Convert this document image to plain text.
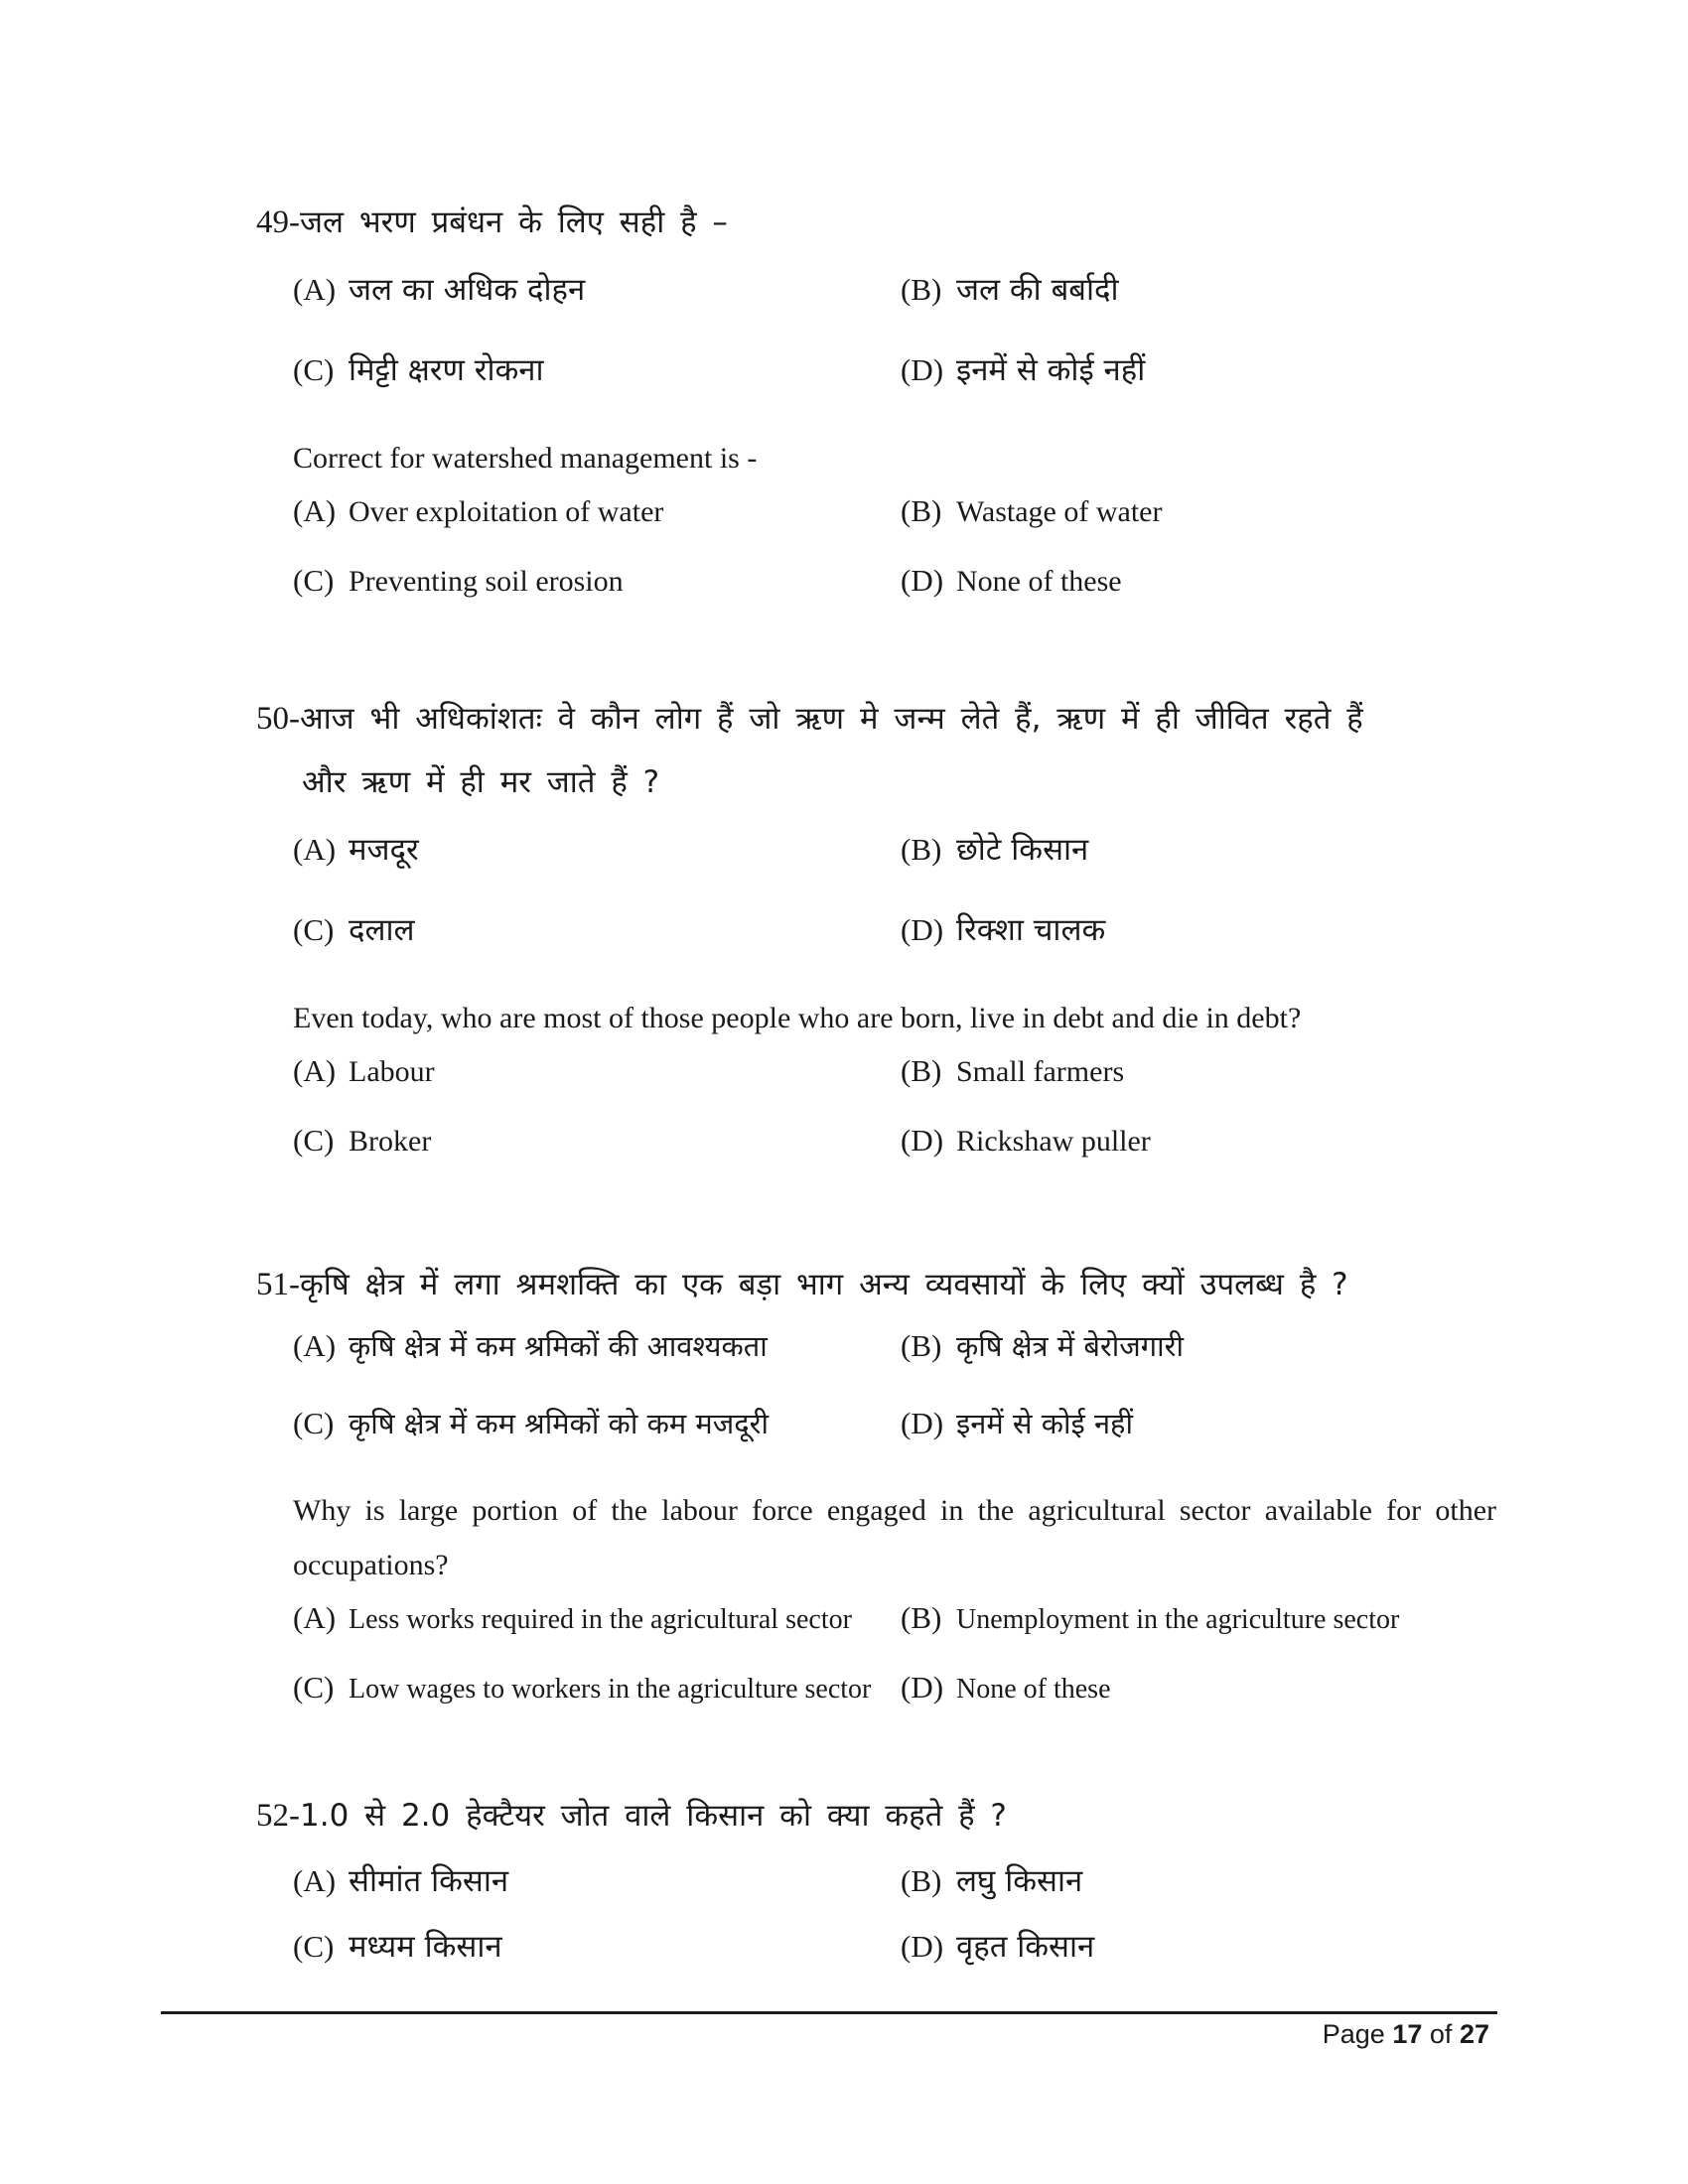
49-जल भरण प्रबंधन के लिए सही है –

(A) जल का अधिक दोहन	(B) जल की बर्बादी
(C) मिट्टी क्षरण रोकना	(D) इनमें से कोई नहीं
Correct for watershed management is -
(A) Over exploitation of water	(B) Wastage of water
(C) Preventing soil erosion	(D) None of these

50-आज भी अधिकांशतः वे कौन लोग हैं जो ऋण मे जन्म लेते हैं, ऋण में ही जीवित रहते हैं
और ऋण में ही मर जाते हैं ?

(A) मजदूर	(B) छोटे किसान
(C) दलाल	(D) रिक्शा चालक
Even today, who are most of those people who are born, live in debt and die in debt?
(A) Labour	(B) Small farmers
(C) Broker	(D) Rickshaw puller

51-कृषि क्षेत्र में लगा श्रमशक्ति का एक बड़ा भाग अन्य व्यवसायों के लिए क्यों उपलब्ध है ?

(A) कृषि क्षेत्र में कम श्रमिकों की आवश्यकता	(B) कृषि क्षेत्र में बेरोजगारी
(C) कृषि क्षेत्र में कम श्रमिकों को कम मजदूरी	(D) इनमें से कोई नहीं
Why is large portion of the labour force engaged in the agricultural sector available for other occupations?
(A) Less works required in the agricultural sector (B) Unemployment in the agriculture sector
(C) Low wages to workers in the agriculture sector (D) None of these

52-1.0 से 2.0 हेक्टैयर जोत वाले किसान को क्या कहते हैं ?

(A) सीमांत किसान	(B) लघु किसान
(C) मध्यम किसान	(D) वृहत किसान
Page 17 of 27
